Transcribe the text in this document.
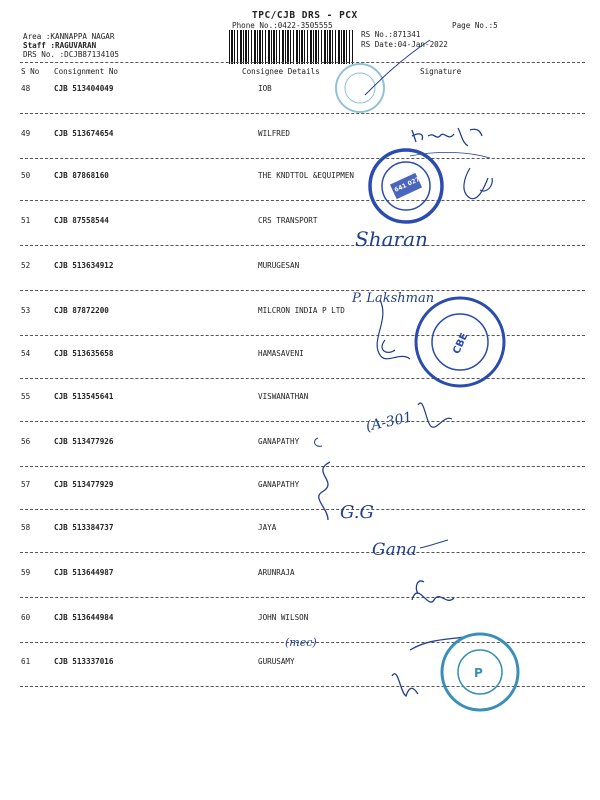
TPC/CJB DRS - PCX
Phone No.:0422-3505555
Area :KANNAPPA NAGAR
Staff :RAGUVARAN
DRS No. :DCJB87134105
RS No.:871341
RS Date:04-Jan-2022
Page No.:5
S No Consignment No	Consignee Details	Signature
48	CJB 513404049	IOB
49	CJB 513674654	WILFRED
50	CJB 87868160	THE KNDTTOL &EQUIPMEN
51	CJB 87558544	CRS TRANSPORT
52	CJB 513634912	MURUGESAN
53	CJB 87872200	MILCRON INDIA P LTD
54	CJB 513635658	HAMASAVENI
55	CJB 513545641	VISWANATHAN
56	CJB 513477926	GANAPATHY
57	CJB 513477929	GANAPATHY
58	CJB 513384737	JAYA
59	CJB 513644987	ARUNRAJA
60	CJB 513644984	JOHN WILSON
61	CJB 513337016	GURUSAMY
641 027
Sharan
P. Lakshman
CBE
(A-301
G.G
Gana
(mec)
P
